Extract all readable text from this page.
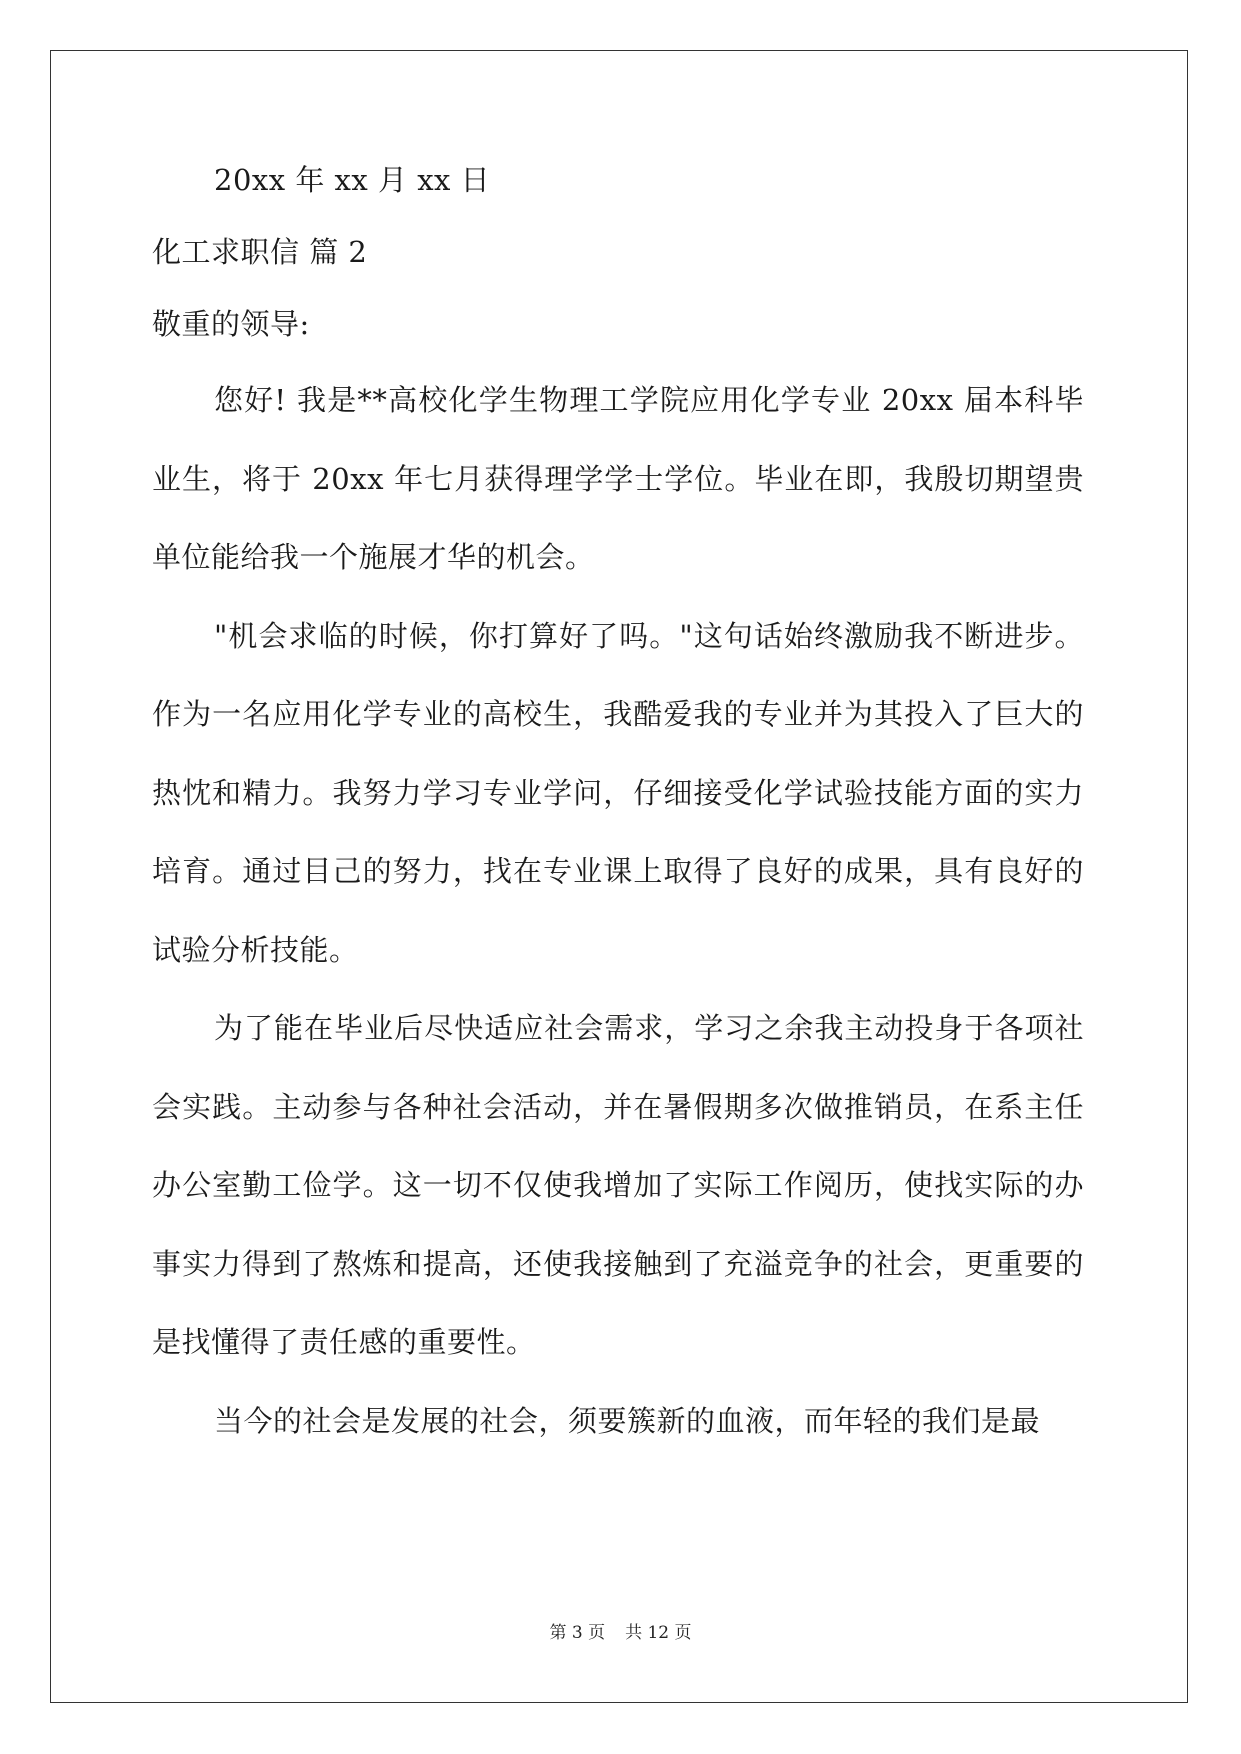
20xx 年 xx 月 xx 日
化工求职信 篇 2
敬重的领导:

您好! 我是**高校化学生物理工学院应用化学专业 20xx 届本科毕业生，将于 20xx 年七月获得理学学士学位。毕业在即，我殷切期望贵单位能给我一个施展才华的机会。

"机会求临的时候，你打算好了吗。"这句话始终激励我不断进步。作为一名应用化学专业的高校生，我酷爱我的专业并为其投入了巨大的热忱和精力。我努力学习专业学问，仔细接受化学试验技能方面的实力培育。通过目己的努力，找在专业课上取得了良好的成果，具有良好的试验分析技能。

为了能在毕业后尽快适应社会需求，学习之余我主动投身于各项社会实践。主动参与各种社会活动，并在暑假期多次做推销员，在系主任办公室勤工俭学。这一切不仅使我增加了实际工作阅历，使找实际的办事实力得到了熬炼和提高，还使我接触到了充溢竞争的社会，更重要的是找懂得了责任感的重要性。

当今的社会是发展的社会，须要簇新的血液，而年轻的我们是最

第 3 页 共 12 页
